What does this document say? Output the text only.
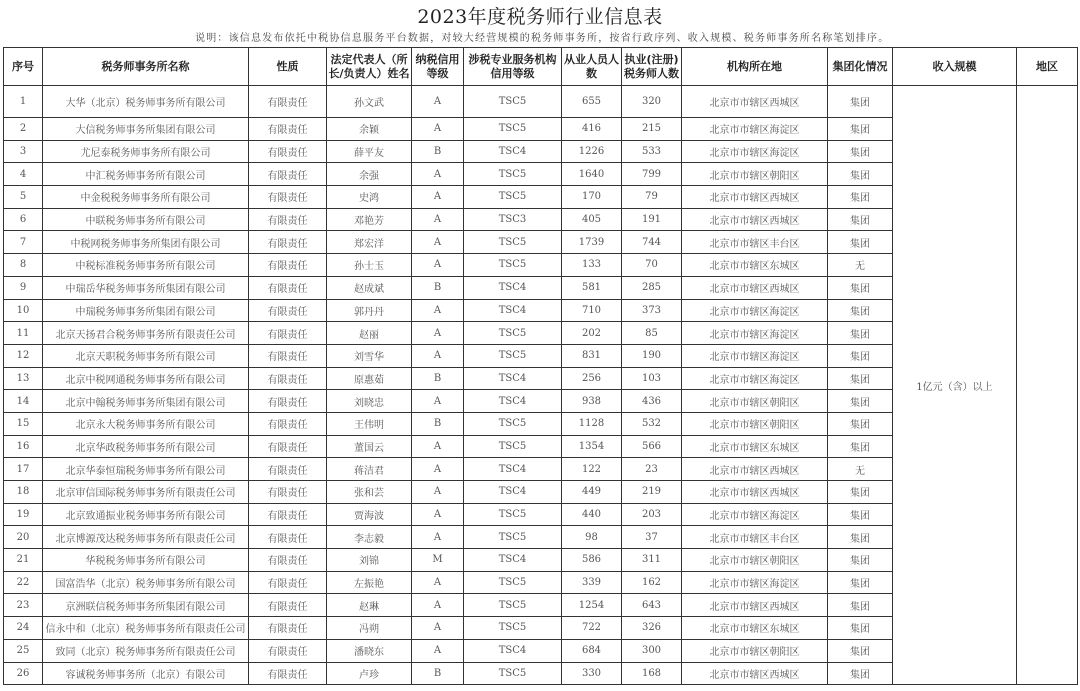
2023年度税务师行业信息表
说明：该信息发布依托中税协信息服务平台数据，对较大经营规模的税务师事务所，按省行政序列、收入规模、税务师事务所名称笔划排序。
序号	税务师事务所名称	性质	法定代表人（所长/负责人）姓名	纳税信用等级	涉税专业服务机构信用等级	从业人员人数	执业(注册)税务师人数	机构所在地	集团化情况	收入规模	地区
1	大华（北京）税务师事务所有限公司	有限责任	孙文武	A	TSC5	655	320	北京市市辖区西城区	集团	1亿元（含）以上	
2	大信税务师事务所集团有限公司	有限责任	余颖	A	TSC5	416	215	北京市市辖区海淀区	集团		
3	尤尼泰税务师事务所有限公司	有限责任	薛平友	B	TSC4	1226	533	北京市市辖区海淀区	集团		
4	中汇税务师事务所有限公司	有限责任	余强	A	TSC5	1640	799	北京市市辖区朝阳区	集团		
5	中金税税务师事务所有限公司	有限责任	史鸿	A	TSC5	170	79	北京市市辖区西城区	集团		
6	中联税务师事务所有限公司	有限责任	邓艳芳	A	TSC3	405	191	北京市市辖区西城区	集团		
7	中税网税务师事务所集团有限公司	有限责任	郑宏洋	A	TSC5	1739	744	北京市市辖区丰台区	集团		
8	中税标准税务师事务所有限公司	有限责任	孙士玉	A	TSC5	133	70	北京市市辖区东城区	无		
9	中瑞岳华税务师事务所集团有限公司	有限责任	赵成斌	B	TSC4	581	285	北京市市辖区西城区	集团		
10	中瑞税务师事务所集团有限公司	有限责任	郭丹丹	A	TSC4	710	373	北京市市辖区海淀区	集团		
11	北京天扬君合税务师事务所有限责任公司	有限责任	赵丽	A	TSC5	202	85	北京市市辖区海淀区	集团		
12	北京天职税务师事务所有限公司	有限责任	刘雪华	A	TSC5	831	190	北京市市辖区海淀区	集团		
13	北京中税网通税务师事务所有限公司	有限责任	原惠茹	B	TSC4	256	103	北京市市辖区海淀区	集团		
14	北京中翰税务师事务所集团有限公司	有限责任	刘晓忠	A	TSC4	938	436	北京市市辖区朝阳区	集团		
15	北京永大税务师事务所有限公司	有限责任	王伟明	B	TSC5	1128	532	北京市市辖区朝阳区	集团		
16	北京华政税务师事务所有限公司	有限责任	董国云	A	TSC5	1354	566	北京市市辖区东城区	集团		
17	北京华泰恒瑞税务师事务所有限公司	有限责任	蒋洁君	A	TSC4	122	23	北京市市辖区西城区	无		
18	北京审信国际税务师事务所有限责任公司	有限责任	张和芸	A	TSC4	449	219	北京市市辖区西城区	集团		
19	北京致通振业税务师事务所有限公司	有限责任	贾海波	A	TSC5	440	203	北京市市辖区海淀区	集团		
20	北京博源茂达税务师事务所有限责任公司	有限责任	李志毅	A	TSC5	98	37	北京市市辖区丰台区	集团		
21	华税税务师事务所有限公司	有限责任	刘锦	M	TSC4	586	311	北京市市辖区朝阳区	集团		
22	国富浩华（北京）税务师事务所有限公司	有限责任	左振艳	A	TSC5	339	162	北京市市辖区海淀区	集团		
23	京洲联信税务师事务所集团有限公司	有限责任	赵琳	A	TSC5	1254	643	北京市市辖区西城区	集团		
24	信永中和（北京）税务师事务所有限责任公司	有限责任	冯朔	A	TSC5	722	326	北京市市辖区东城区	集团		
25	致同（北京）税务师事务所有限责任公司	有限责任	潘晓东	A	TSC4	684	300	北京市市辖区朝阳区	集团		
26	容诚税务师事务所（北京）有限公司	有限责任	卢珍	B	TSC5	330	168	北京市市辖区西城区	集团		
